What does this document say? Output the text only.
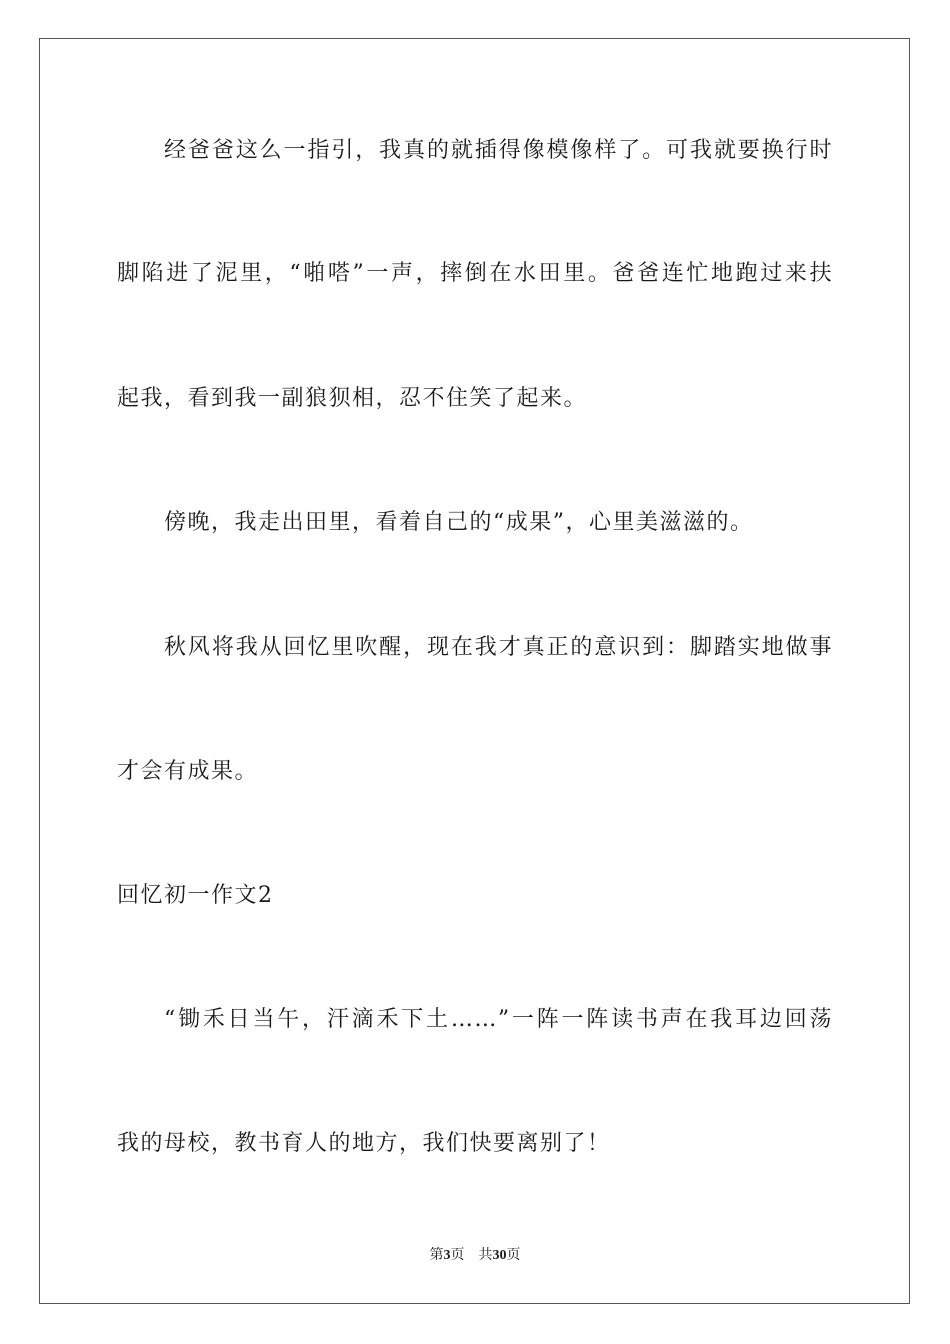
经爸爸这么一指引，我真的就插得像模像样了。可我就要换行时
脚陷进了泥里，“啪嗒”一声，摔倒在水田里。爸爸连忙地跑过来扶
起我，看到我一副狼狈相，忍不住笑了起来。
傍晚，我走出田里，看着自己的“成果”，心里美滋滋的。
秋风将我从回忆里吹醒，现在我才真正的意识到：脚踏实地做事
才会有成果。
回忆初一作文2
“锄禾日当午，汗滴禾下土……”一阵一阵读书声在我耳边回荡
我的母校，教书育人的地方，我们快要离别了！
第3页 共30页
